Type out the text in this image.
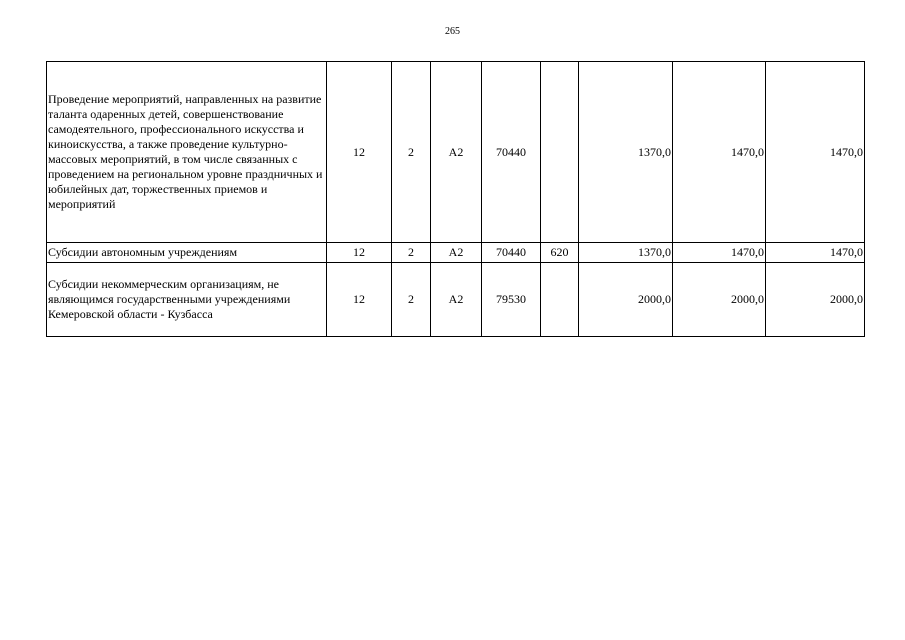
265
Проведение мероприятий, направленных на развитие таланта одаренных детей, совершенствование самодеятельного, профессионального искусства и киноискусства, а также проведение культурно-массовых мероприятий, в том числе связанных с проведением на региональном уровне праздничных и юбилейных дат, торжественных приемов и мероприятий	12	2	А2	70440		1370,0	1470,0	1470,0
Субсидии автономным учреждениям	12	2	А2	70440	620	1370,0	1470,0	1470,0
Субсидии некоммерческим организациям, не являющимся государственными учреждениями Кемеровской области - Кузбасса	12	2	А2	79530		2000,0	2000,0	2000,0
